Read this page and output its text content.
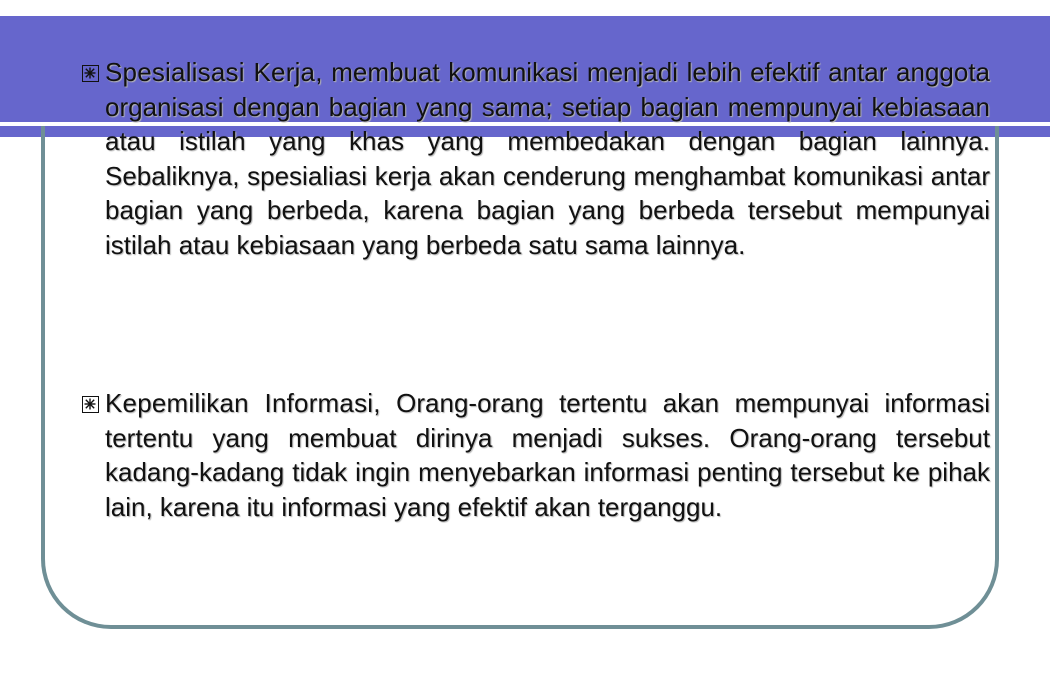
Spesialisasi Kerja, membuat komunikasi menjadi lebih efektif antar anggota organisasi dengan bagian yang sama; setiap bagian mempunyai kebiasaan atau istilah yang khas yang membedakan dengan bagian lainnya. Sebaliknya, spesialiasi kerja akan cenderung menghambat komunikasi antar bagian yang berbeda, karena bagian yang berbeda tersebut mempunyai istilah atau kebiasaan yang berbeda satu sama lainnya.
Kepemilikan Informasi, Orang-orang tertentu akan mempunyai informasi tertentu yang membuat dirinya menjadi sukses. Orang-orang tersebut kadang-kadang tidak ingin menyebarkan informasi penting tersebut ke pihak lain, karena itu informasi yang efektif akan terganggu.
